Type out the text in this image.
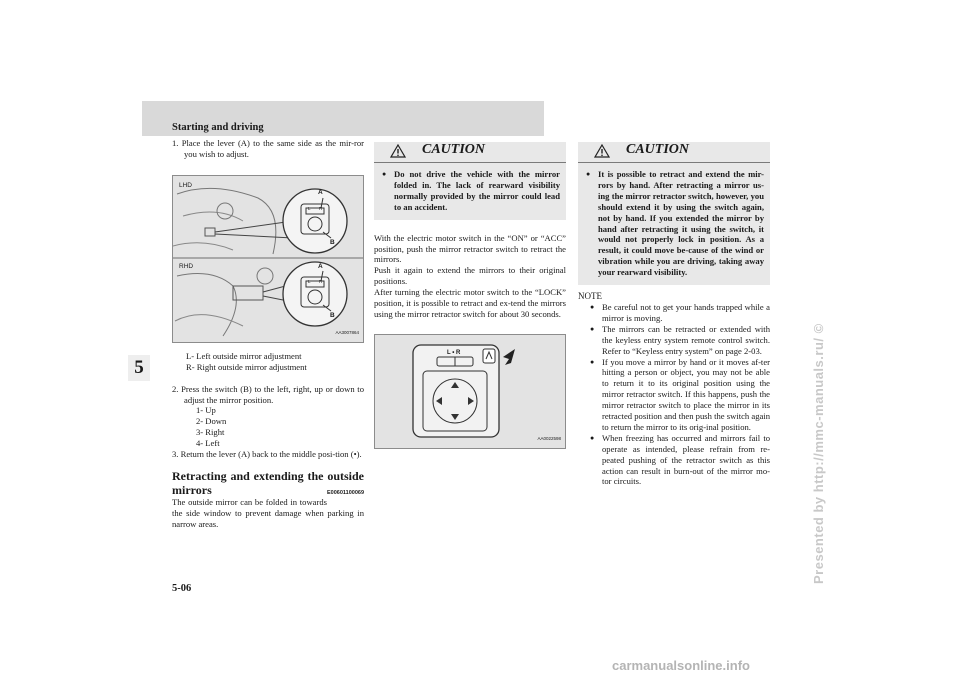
Starting and driving
5

1. Place the lever (A) to the same side as the mir-ror you wish to adjust.

LHD
RHD
A
B
A
B
L R
L R
AA3007864

L- Left outside mirror adjustment

R- Right outside mirror adjustment

2. Press the switch (B) to the left, right, up or down to adjust the mirror position.

1- Up

2- Down

3- Right

4- Left

3. Return the lever (A) back to the middle posi-tion (•).

Retracting and extending the outside mirrors	E00601100069

The outside mirror can be folded in towards the side window to prevent damage when parking in narrow areas.

CAUTION
● Do not drive the vehicle with the mirror folded in. The lack of rearward visibility normally provided by the mirror could lead to an accident.

With the electric motor switch in the “ON” or “ACC” position, push the mirror retractor switch to retract the mirrors.

Push it again to extend the mirrors to their original positions.

After turning the electric motor switch to the “LOCK” position, it is possible to retract and ex-tend the mirrors using the mirror retractor switch for about 30 seconds.

L • R
AA0022598
CAUTION
● It is possible to retract and extend the mir-rors by hand. After retracting a mirror us-ing the mirror retractor switch, however, you should extend it by using the switch again, not by hand. If you extended the mirror by hand after retracting it using the switch, it would not properly lock in position. As a result, it could move be-cause of the wind or vibration while you are driving, taking away your rearward visibility.

NOTE

● Be careful not to get your hands trapped while a mirror is moving.
● The mirrors can be retracted or extended with the keyless entry system remote control switch. Refer to “Keyless entry system” on page 2-03.
● If you move a mirror by hand or it moves af-ter hitting a person or object, you may not be able to return it to its original position using the mirror retractor switch. If this happens, push the mirror retractor switch to place the mirror in its retracted position and then push the switch again to return the mirror to its orig-inal position.
● When freezing has occurred and mirrors fail to operate as intended, please refrain from re-peated pushing of the retractor switch as this action can result in burn-out of the mirror mo-tor circuits.
5-06
Presented by http://mmc-manuals.ru/ ©
carmanualsonline.info
